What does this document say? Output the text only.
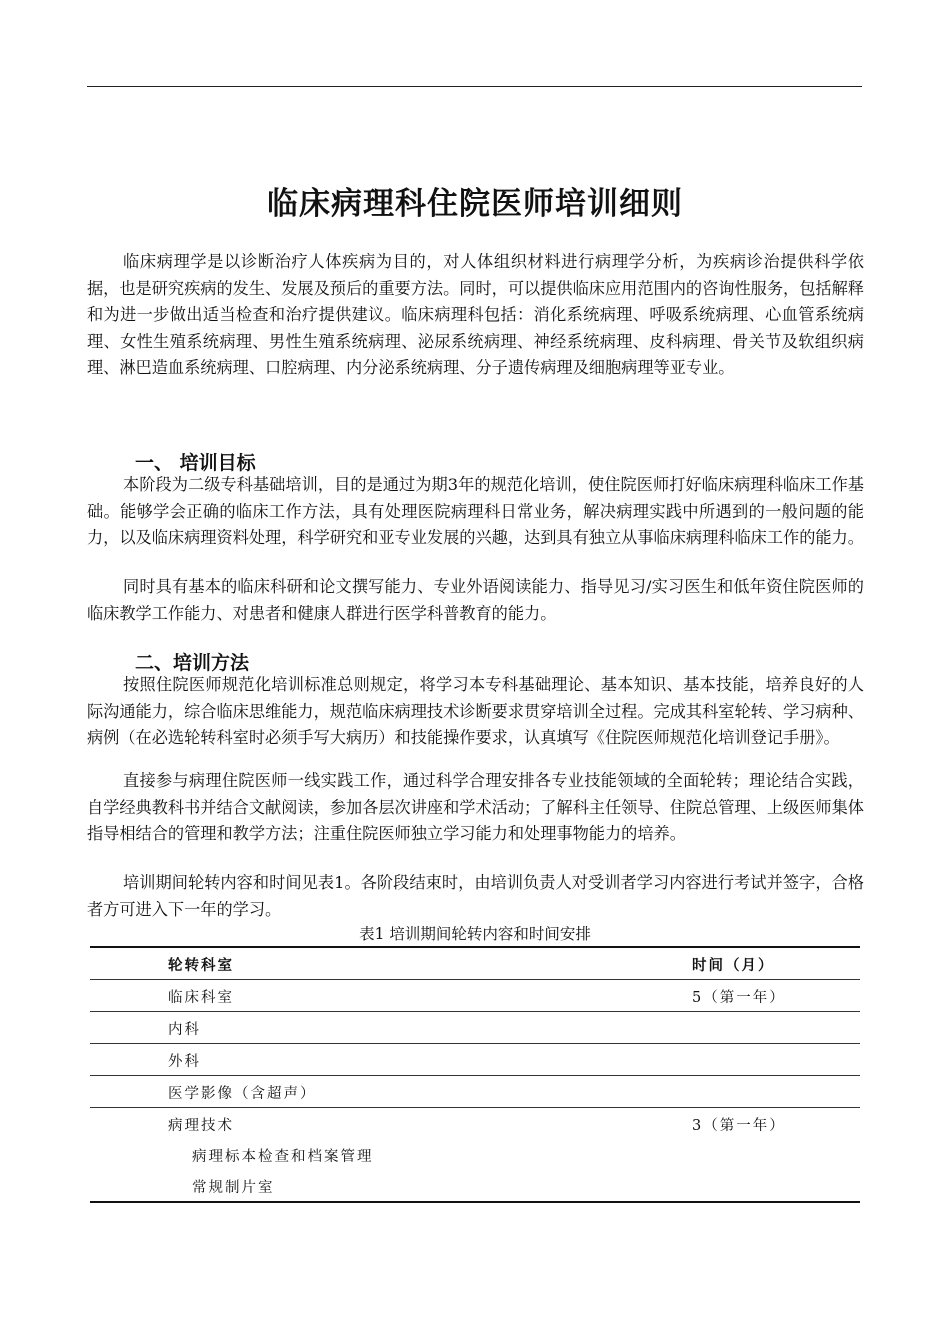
临床病理科住院医师培训细则

临床病理学是以诊断治疗人体疾病为目的，对人体组织材料进行病理学分析，为疾病诊治提供科学依据，也是研究疾病的发生、发展及预后的重要方法。同时，可以提供临床应用范围内的咨询性服务，包括解释和为进一步做出适当检查和治疗提供建议。临床病理科包括：消化系统病理、呼吸系统病理、心血管系统病理、女性生殖系统病理、男性生殖系统病理、泌尿系统病理、神经系统病理、皮科病理、骨关节及软组织病理、淋巴造血系统病理、口腔病理、内分泌系统病理、分子遗传病理及细胞病理等亚专业。

一、 培训目标

本阶段为二级专科基础培训，目的是通过为期3年的规范化培训，使住院医师打好临床病理科临床工作基础。能够学会正确的临床工作方法，具有处理医院病理科日常业务，解决病理实践中所遇到的一般问题的能力，以及临床病理资料处理，科学研究和亚专业发展的兴趣，达到具有独立从事临床病理科临床工作的能力。

同时具有基本的临床科研和论文撰写能力、专业外语阅读能力、指导见习/实习医生和低年资住院医师的临床教学工作能力、对患者和健康人群进行医学科普教育的能力。

二、培训方法

按照住院医师规范化培训标准总则规定，将学习本专科基础理论、基本知识、基本技能，培养良好的人际沟通能力，综合临床思维能力，规范临床病理技术诊断要求贯穿培训全过程。完成其科室轮转、学习病种、病例（在必选轮转科室时必须手写大病历）和技能操作要求，认真填写《住院医师规范化培训登记手册》。

直接参与病理住院医师一线实践工作，通过科学合理安排各专业技能领域的全面轮转；理论结合实践，自学经典教科书并结合文献阅读，参加各层次讲座和学术活动；了解科主任领导、住院总管理、上级医师集体指导相结合的管理和教学方法；注重住院医师独立学习能力和处理事物能力的培养。

培训期间轮转内容和时间见表1。各阶段结束时，由培训负责人对受训者学习内容进行考试并签字，合格者方可进入下一年的学习。

表1 培训期间轮转内容和时间安排
轮转科室	时间（月）
临床科室	5（第一年）
内科
外科
医学影像（含超声）
病理技术	3（第一年）
病理标本检查和档案管理
常规制片室
